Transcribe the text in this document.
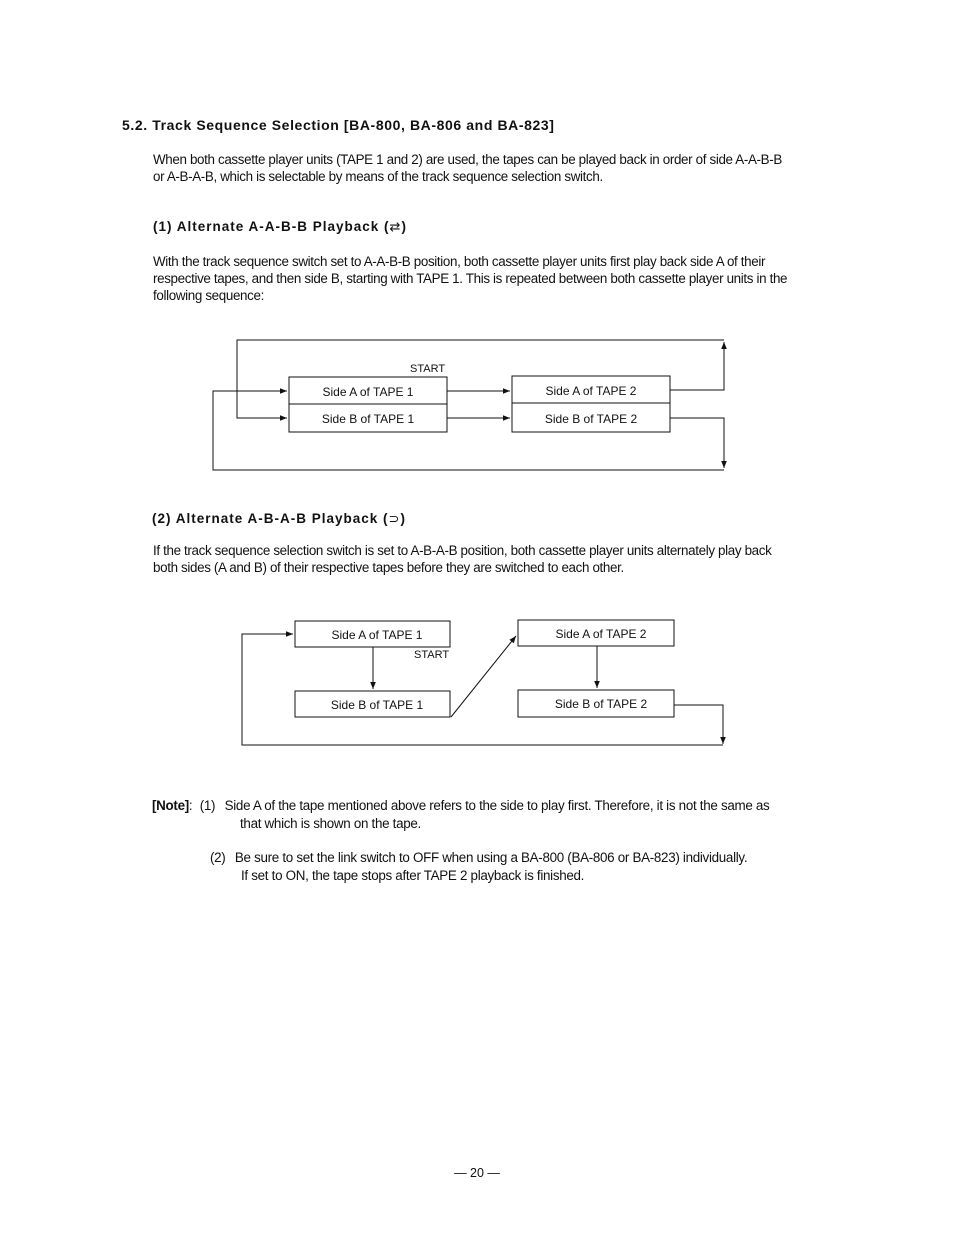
5.2. Track Sequence Selection [BA-800, BA-806 and BA-823]
When both cassette player units (TAPE 1 and 2) are used, the tapes can be played back in order of side A-A-B-B
or A-B-A-B, which is selectable by means of the track sequence selection switch.
(1) Alternate A-A-B-B Playback (⇄)
With the track sequence switch set to A-A-B-B position, both cassette player units first play back side A of their
respective tapes, and then side B, starting with TAPE 1. This is repeated between both cassette player units in the
following sequence:
START
Side A of TAPE 1
Side B of TAPE 1
Side A of TAPE 2
Side B of TAPE 2
START
Side A of TAPE 1
Side B of TAPE 1
Side A of TAPE 2
Side B of TAPE 2
(2) Alternate A-B-A-B Playback (⊃)
If the track sequence selection switch is set to A-B-A-B position, both cassette player units alternately play back
both sides (A and B) of their respective tapes before they are switched to each other.
[Note]: (1) Side A of the tape mentioned above refers to the side to play first. Therefore, it is not the same as
that which is shown on the tape.
(2) Be sure to set the link switch to OFF when using a BA-800 (BA-806 or BA-823) individually.
If set to ON, the tape stops after TAPE 2 playback is finished.
— 20 —
